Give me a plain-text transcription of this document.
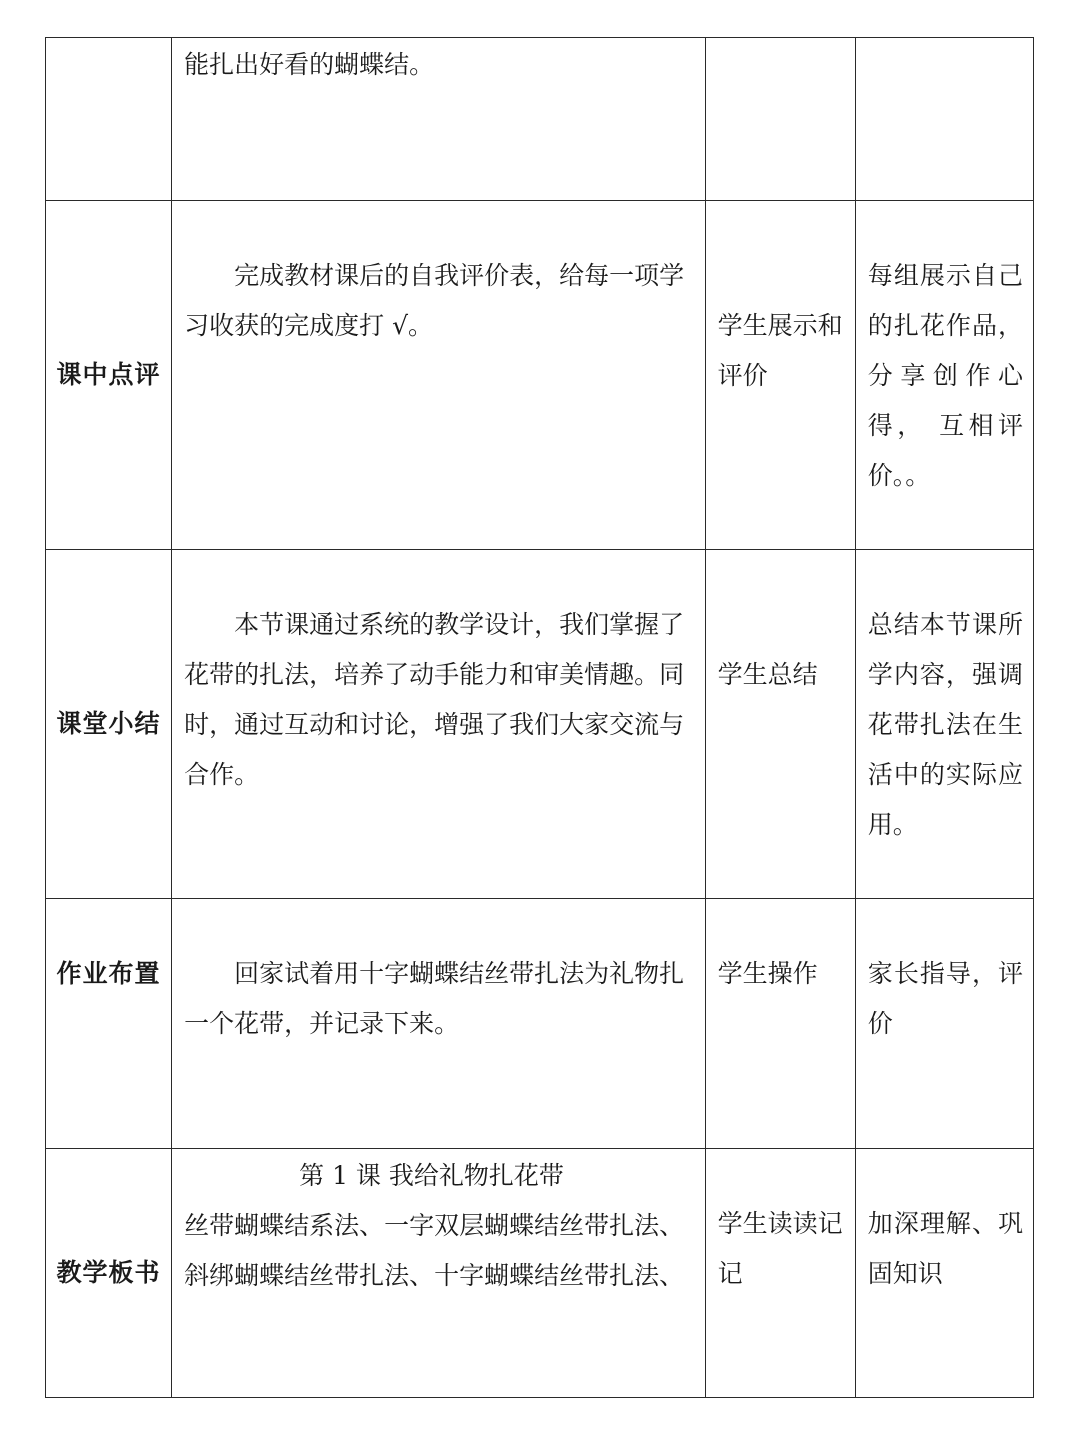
	能扎出好看的蝴蝶结。		

课中点评	完成教材课后的自我评价表，给每一项学习收获的完成度打 √。	学生展示和评价	每组展示自己的扎花作品，分享创作心得， 互相评价。。

课堂小结	本节课通过系统的教学设计，我们掌握了花带的扎法，培养了动手能力和审美情趣。同时，通过互动和讨论，增强了我们大家交流与合作。	学生总结	总结本节课所学内容，强调花带扎法在生活中的实际应用。

作业布置	回家试着用十字蝴蝶结丝带扎法为礼物扎一个花带，并记录下来。	学生操作	家长指导，评价

教学板书	第 1 课 我给礼物扎花带
丝带蝴蝶结系法、一字双层蝴蝶结丝带扎法、斜绑蝴蝶结丝带扎法、十字蝴蝶结丝带扎法、	学生读读记记	加深理解、巩固知识
